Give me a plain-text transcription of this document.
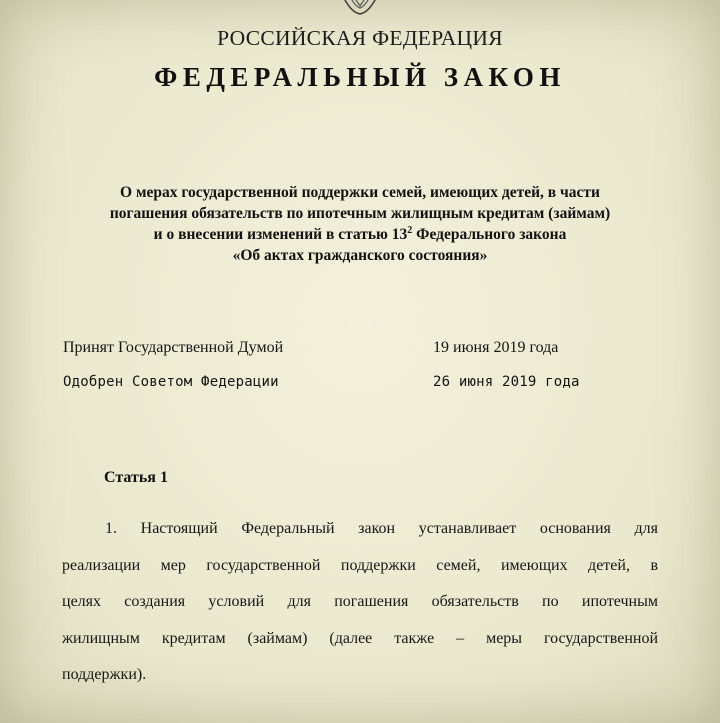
РОССИЙСКАЯ ФЕДЕРАЦИЯ
ФЕДЕРАЛЬНЫЙ ЗАКОН
О мерах государственной поддержки семей, имеющих детей, в части
погашения обязательств по ипотечным жилищным кредитам (займам)
и о внесении изменений в статью $13^2$ Федерального закона
«Об актах гражданского состояния»
Принят Государственной Думой	19 июня 2019 года
Одобрен Советом Федерации	26 июня 2019 года
Статья 1
1. Настоящий Федеральный закон устанавливает основания для
реализации мер государственной поддержки семей, имеющих детей, в
целях создания условий для погашения обязательств по ипотечным
жилищным кредитам (займам) (далее также – меры государственной
поддержки).
